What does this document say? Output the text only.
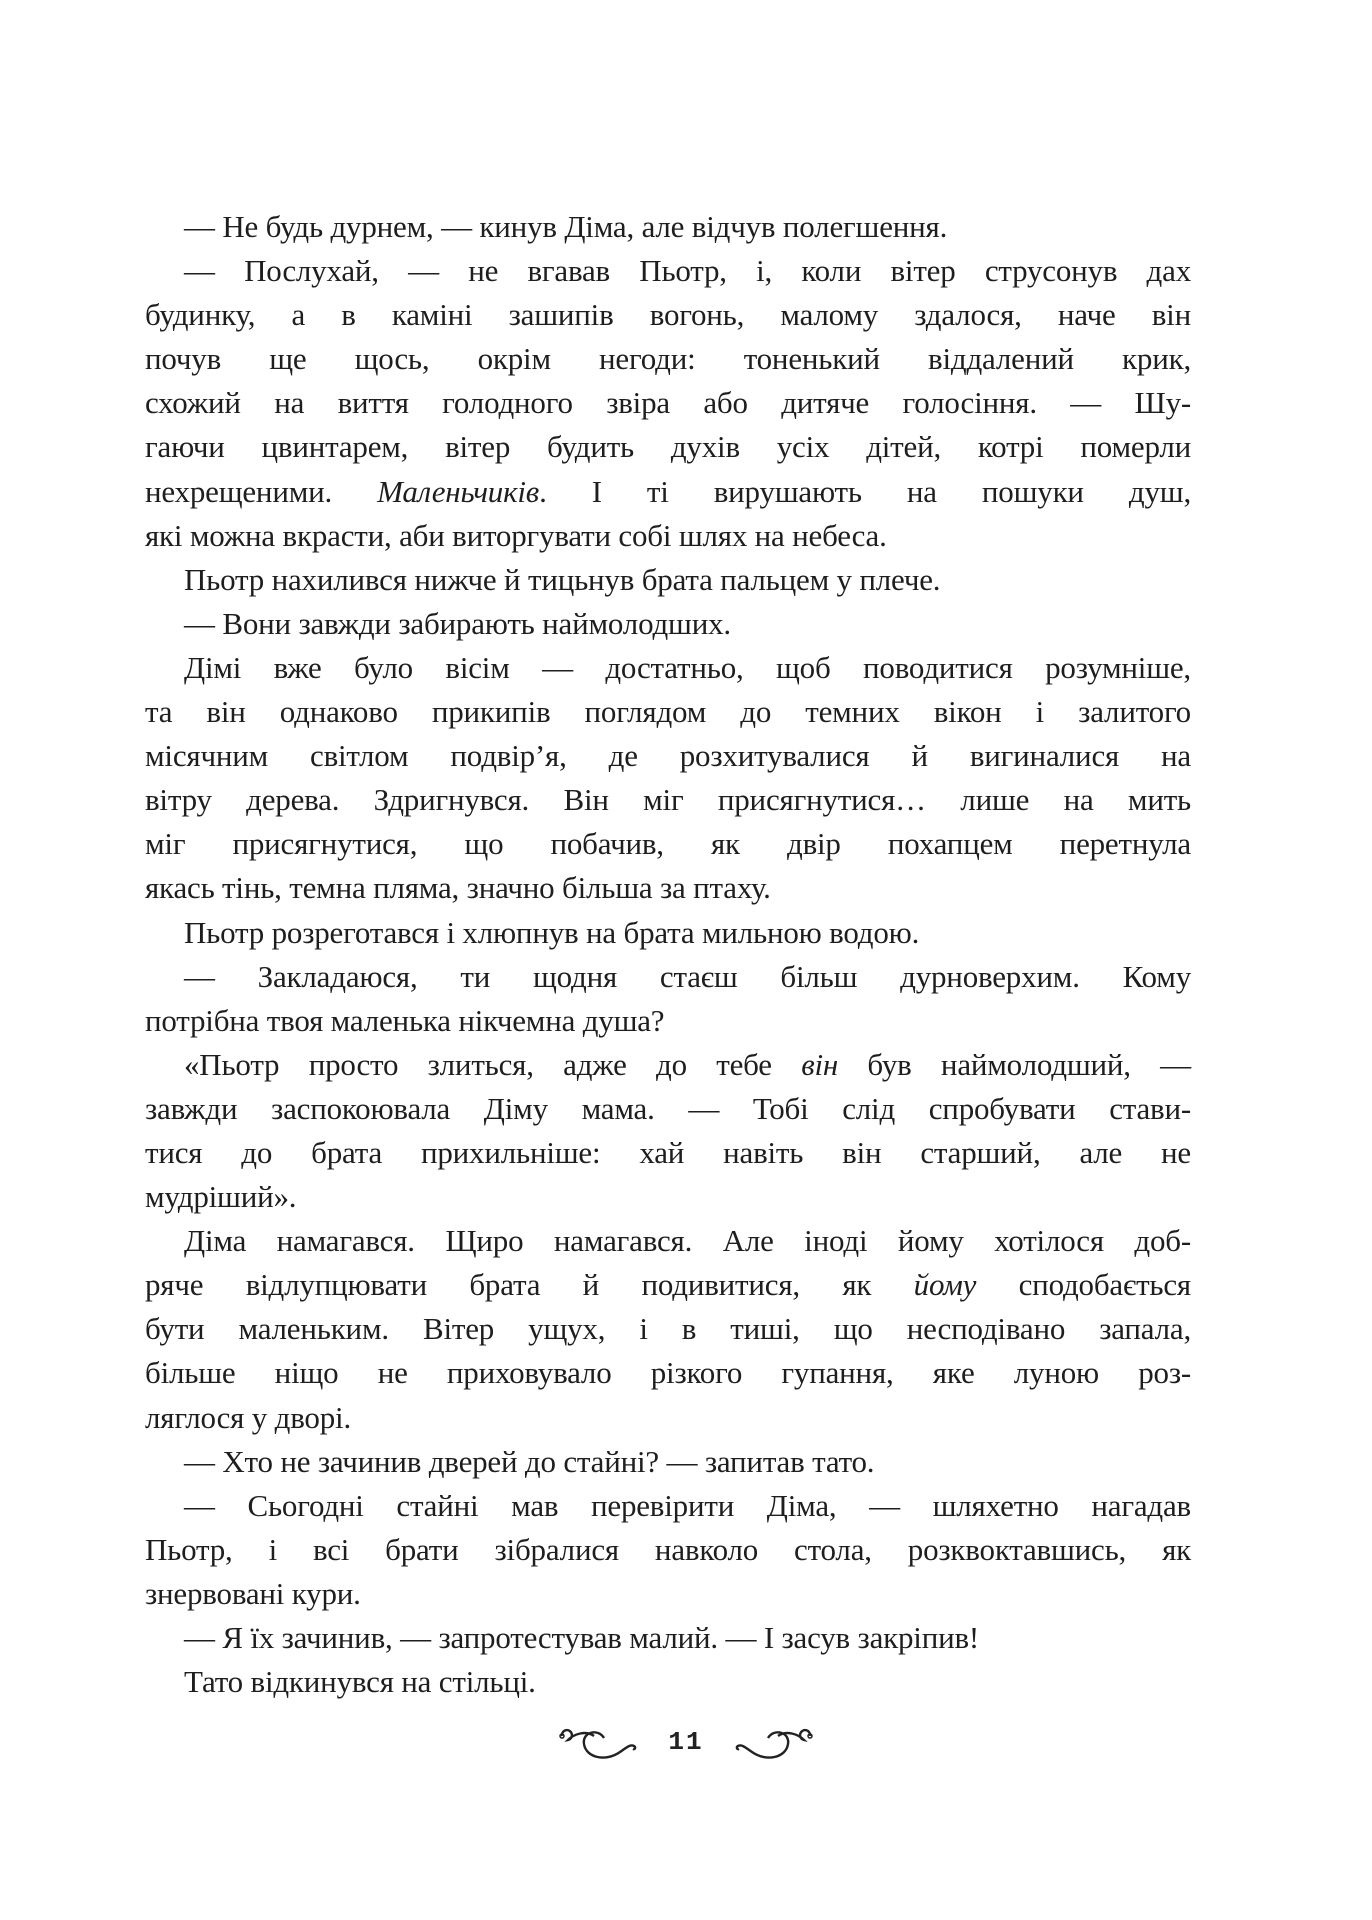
— Не будь дурнем, — кинув Діма, але відчув полегшення.
— Послухай, — не вгавав Пьотр, і, коли вітер струсонув дах
будинку, а в каміні зашипів вогонь, малому здалося, наче він
почув ще щось, окрім негоди: тоненький віддалений крик,
схожий на виття голодного звіра або дитяче голосіння. — Шу-
гаючи цвинтарем, вітер будить духів усіх дітей, котрі померли
нехрещеними. Маленьчиків. І ті вирушають на пошуки душ,
які можна вкрасти, аби виторгувати собі шлях на небеса.
Пьотр нахилився нижче й тицьнув брата пальцем у плече.
— Вони завжди забирають наймолодших.
Дімі вже було вісім — достатньо, щоб поводитися розумніше,
та він однаково прикипів поглядом до темних вікон і залитого
місячним світлом подвір’я, де розхитувалися й вигиналися на
вітру дерева. Здригнувся. Він міг присягнутися… лише на мить
міг присягнутися, що побачив, як двір похапцем перетнула
якась тінь, темна пляма, значно більша за птаху.
Пьотр розреготався і хлюпнув на брата мильною водою.
— Закладаюся, ти щодня стаєш більш дурноверхим. Кому
потрібна твоя маленька нікчемна душа?
«Пьотр просто злиться, адже до тебе він був наймолодший, —
завжди заспокоювала Діму мама. — Тобі слід спробувати стави-
тися до брата прихильніше: хай навіть він старший, але не
мудріший».
Діма намагався. Щиро намагався. Але іноді йому хотілося доб-
ряче відлупцювати брата й подивитися, як йому сподобається
бути маленьким. Вітер ущух, і в тиші, що несподівано запала,
більше ніщо не приховувало різкого гупання, яке луною роз-
ляглося у дворі.
— Хто не зачинив дверей до стайні? — запитав тато.
— Сьогодні стайні мав перевірити Діма, — шляхетно нагадав
Пьотр, і всі брати зібралися навколо стола, розквоктавшись, як
знервовані кури.
— Я їх зачинив, — запротестував малий. — І засув закріпив!
Тато відкинувся на стільці.
11
